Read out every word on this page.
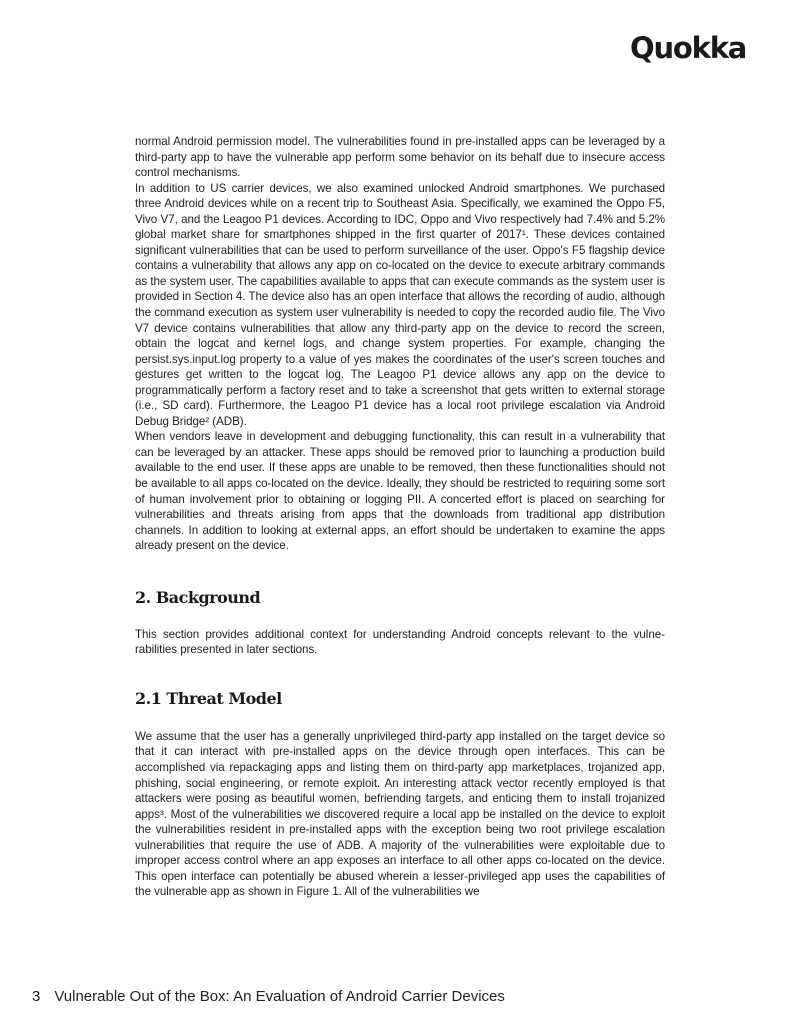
Quokka

normal Android permission model. The vulnerabilities found in pre-installed apps can be leveraged by a third-party app to have the vulnerable app perform some behavior on its behalf due to insecure access control mechanisms.

In addition to US carrier devices, we also examined unlocked Android smartphones. We purchased three Android devices while on a recent trip to Southeast Asia. Specifically, we examined the Oppo F5, Vivo V7, and the Leagoo P1 devices. According to IDC, Oppo and Vivo respectively had 7.4% and 5.2% global market share for smartphones shipped in the first quarter of 2017¹. These devices contained significant vulnerabilities that can be used to perform surveillance of the user. Oppo's F5 flagship device contains a vulnerability that allows any app on co-located on the device to execute arbitrary commands as the system user. The capabilities available to apps that can execute commands as the system user is provided in Section 4. The device also has an open interface that allows the recording of audio, although the command execution as system user vulnerability is needed to copy the recorded audio file. The Vivo V7 device contains vulnerabilities that allow any third-party app on the device to record the screen, obtain the logcat and kernel logs, and change system properties. For example, changing the persist.sys.input.log property to a value of yes makes the coordinates of the user's screen touches and gestures get written to the logcat log. The Leagoo P1 device allows any app on the device to programmatically perform a factory reset and to take a screenshot that gets written to external storage (i.e., SD card). Furthermore, the Leagoo P1 device has a local root privilege escalation via Android Debug Bridge² (ADB).

When vendors leave in development and debugging functionality, this can result in a vulnerability that can be leveraged by an attacker. These apps should be removed prior to launching a production build available to the end user. If these apps are unable to be removed, then these functionalities should not be available to all apps co-located on the device. Ideally, they should be restricted to requiring some sort of human involvement prior to obtaining or logging PII. A concerted effort is placed on searching for vulnerabilities and threats arising from apps that the downloads from traditional app distribution channels. In addition to looking at external apps, an effort should be undertaken to examine the apps already present on the device.

2. Background

This section provides additional context for understanding Android concepts relevant to the vulnerabilities presented in later sections.

2.1 Threat Model

We assume that the user has a generally unprivileged third-party app installed on the target device so that it can interact with pre-installed apps on the device through open interfaces. This can be accomplished via repackaging apps and listing them on third-party app marketplaces, trojanized app, phishing, social engineering, or remote exploit. An interesting attack vector recently employed is that attackers were posing as beautiful women, befriending targets, and enticing them to install trojanized apps³. Most of the vulnerabilities we discovered require a local app be installed on the device to exploit the vulnerabilities resident in pre-installed apps with the exception being two root privilege escalation vulnerabilities that require the use of ADB. A majority of the vulnerabilities were exploitable due to improper access control where an app exposes an interface to all other apps co-located on the device. This open interface can potentially be abused wherein a lesser-privileged app uses the capabilities of the vulnerable app as shown in Figure 1. All of the vulnerabilities we

3 Vulnerable Out of the Box: An Evaluation of Android Carrier Devices
